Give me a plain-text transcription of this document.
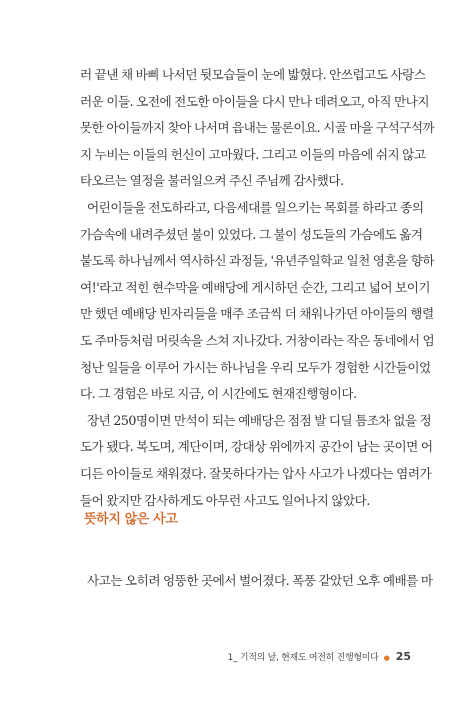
러 끝낸 채 바삐 나서던 뒷모습들이 눈에 밟혔다. 안쓰럽고도 사랑스
러운 이들. 오전에 전도한 아이들을 다시 만나 데려오고, 아직 만나지
못한 아이들까지 찾아 나서며 읍내는 물론이요. 시골 마을 구석구석까
지 누비는 이들의 헌신이 고마웠다. 그리고 이들의 마음에 쉬지 않고
타오르는 열정을 불러일으켜 주신 주님께 감사했다.
어린이들을 전도하라고, 다음세대를 일으키는 목회를 하라고 종의
가슴속에 내려주셨던 불이 있었다. 그 불이 성도들의 가슴에도 옮겨
붙도록 하나님께서 역사하신 과정들, '유년주일학교 일천 영혼을 향하
여!'라고 적힌 현수막을 예배당에 게시하던 순간, 그리고 넓어 보이기
만 했던 예배당 빈자리들을 매주 조금씩 더 채워나가던 아이들의 행렬
도 주마등처럼 머릿속을 스쳐 지나갔다. 거창이라는 작은 동네에서 엄
청난 일들을 이루어 가시는 하나님을 우리 모두가 경험한 시간들이었
다. 그 경험은 바로 지금, 이 시간에도 현재진행형이다.
장년 250명이면 만석이 되는 예배당은 점점 발 디딜 틈조차 없을 정
도가 됐다. 복도며, 계단이며, 강대상 위에까지 공간이 남는 곳이면 어
디든 아이들로 채워졌다. 잘못하다가는 압사 사고가 나겠다는 염려가
들어 왔지만 감사하게도 아무런 사고도 일어나지 않았다.
뜻하지 않은 사고
사고는 오히려 엉뚱한 곳에서 벌어졌다. 폭풍 같았던 오후 예배를 마
1_ 기적의 날, 현재도 여전히 진행형이다 ● 25
